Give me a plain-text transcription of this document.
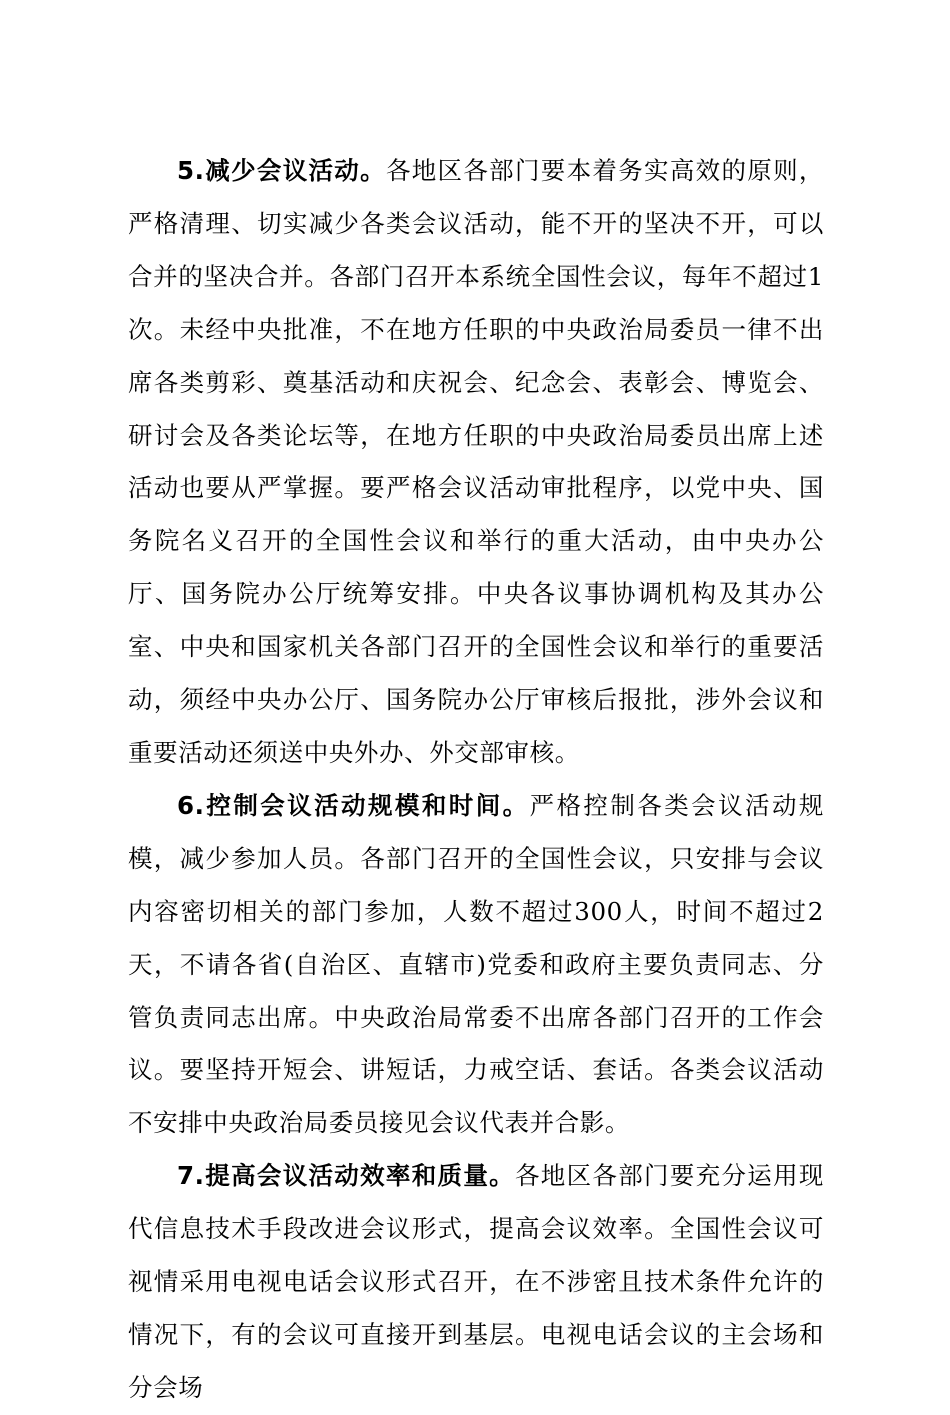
5.减少会议活动。各地区各部门要本着务实高效的原则，严格清理、切实减少各类会议活动，能不开的坚决不开，可以合并的坚决合并。各部门召开本系统全国性会议，每年不超过1次。未经中央批准，不在地方任职的中央政治局委员一律不出席各类剪彩、奠基活动和庆祝会、纪念会、表彰会、博览会、研讨会及各类论坛等，在地方任职的中央政治局委员出席上述活动也要从严掌握。要严格会议活动审批程序，以党中央、国务院名义召开的全国性会议和举行的重大活动，由中央办公厅、国务院办公厅统筹安排。中央各议事协调机构及其办公室、中央和国家机关各部门召开的全国性会议和举行的重要活动，须经中央办公厅、国务院办公厅审核后报批，涉外会议和重要活动还须送中央外办、外交部审核。

6.控制会议活动规模和时间。严格控制各类会议活动规模，减少参加人员。各部门召开的全国性会议，只安排与会议内容密切相关的部门参加，人数不超过300人，时间不超过2天，不请各省(自治区、直辖市)党委和政府主要负责同志、分管负责同志出席。中央政治局常委不出席各部门召开的工作会议。要坚持开短会、讲短话，力戒空话、套话。各类会议活动不安排中央政治局委员接见会议代表并合影。

7.提高会议活动效率和质量。各地区各部门要充分运用现代信息技术手段改进会议形式，提高会议效率。全国性会议可视情采用电视电话会议形式召开，在不涉密且技术条件允许的情况下，有的会议可直接开到基层。电视电话会议的主会场和分会场
